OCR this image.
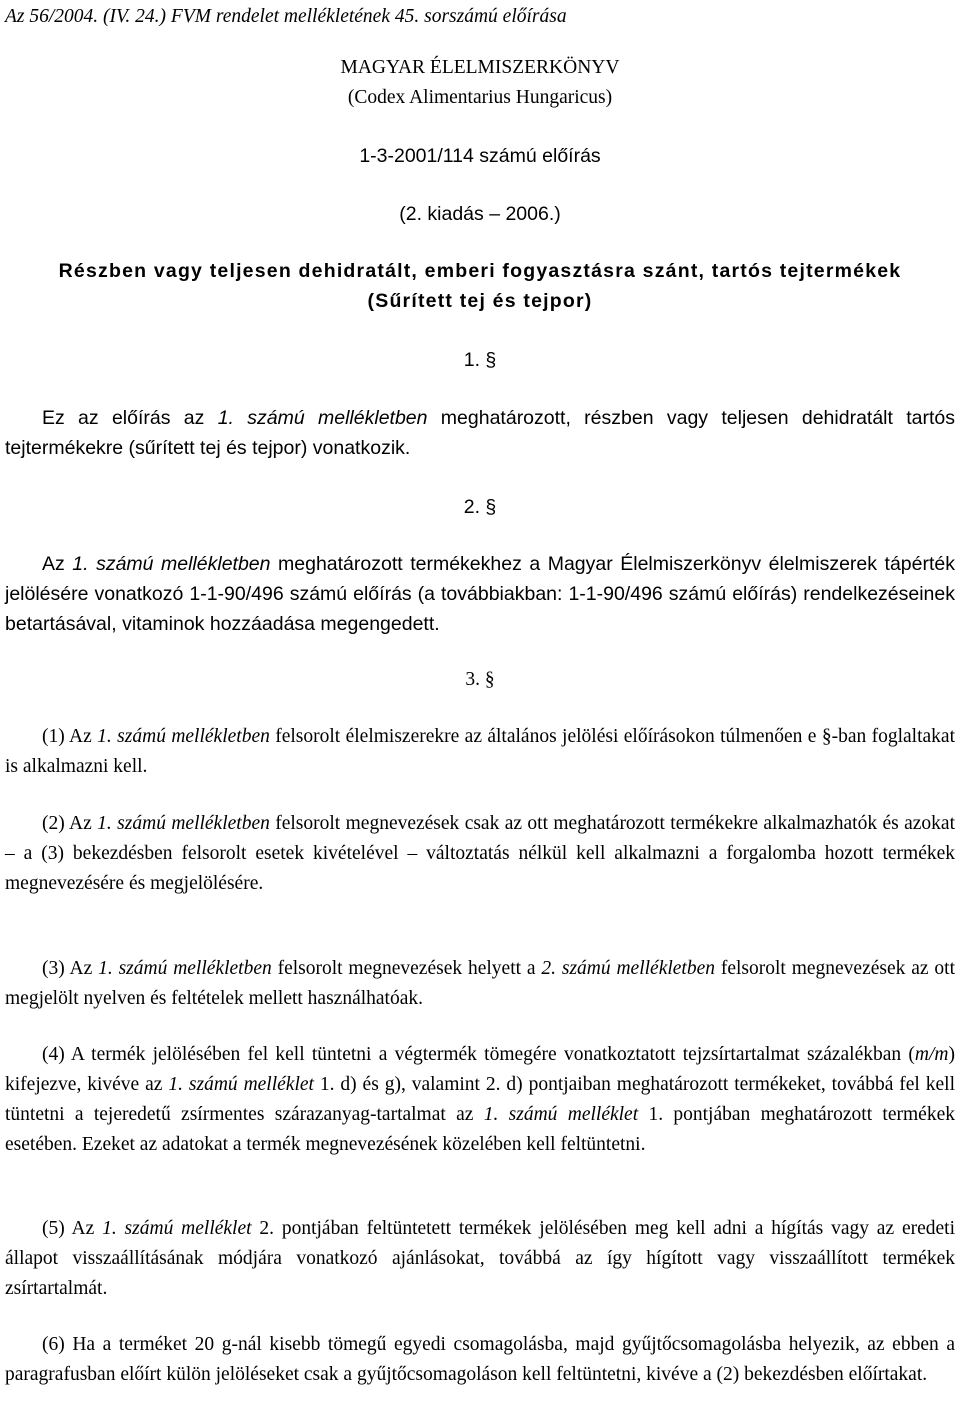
Az 56/2004. (IV. 24.) FVM rendelet mellékletének 45. sorszámú előírása
MAGYAR ÉLELMISZERKÖNYV
(Codex Alimentarius Hungaricus)
1-3-2001/114 számú előírás
(2. kiadás – 2006.)
Részben vagy teljesen dehidratált, emberi fogyasztásra szánt, tartós tejtermékek
(Sűrített tej és tejpor)
1. §
Ez az előírás az 1. számú mellékletben meghatározott, részben vagy teljesen dehidratált tartós tejtermékekre (sűrített tej és tejpor) vonatkozik.
2. §
Az 1. számú mellékletben meghatározott termékekhez a Magyar Élelmiszerkönyv élelmiszerek tápérték jelölésére vonatkozó 1-1-90/496 számú előírás (a továbbiakban: 1-1-90/496 számú előírás) rendelkezéseinek betartásával, vitaminok hozzáadása megengedett.
3. §
(1) Az 1. számú mellékletben felsorolt élelmiszerekre az általános jelölési előírásokon túlmenően e §-ban foglaltakat is alkalmazni kell.
(2) Az 1. számú mellékletben felsorolt megnevezések csak az ott meghatározott termékekre alkalmazhatók és azokat – a (3) bekezdésben felsorolt esetek kivételével – változtatás nélkül kell alkalmazni a forgalomba hozott termékek megnevezésére és megjelölésére.
(3) Az 1. számú mellékletben felsorolt megnevezések helyett a 2. számú mellékletben felsorolt megnevezések az ott megjelölt nyelven és feltételek mellett használhatóak.
(4) A termék jelölésében fel kell tüntetni a végtermék tömegére vonatkoztatott tejzsírtartalmat százalékban (m/m) kifejezve, kivéve az 1. számú melléklet 1. d) és g), valamint 2. d) pontjaiban meghatározott termékeket, továbbá fel kell tüntetni a tejeredetű zsírmentes szárazanyag-tartalmat az 1. számú melléklet 1. pontjában meghatározott termékek esetében. Ezeket az adatokat a termék megnevezésének közelében kell feltüntetni.
(5) Az 1. számú melléklet 2. pontjában feltüntetett termékek jelölésében meg kell adni a hígítás vagy az eredeti állapot visszaállításának módjára vonatkozó ajánlásokat, továbbá az így hígított vagy visszaállított termékek zsírtartalmát.
(6) Ha a terméket 20 g-nál kisebb tömegű egyedi csomagolásba, majd gyűjtőcsomagolásba helyezik, az ebben a paragrafusban előírt külön jelöléseket csak a gyűjtőcsomagoláson kell feltüntetni, kivéve a (2) bekezdésben előírtakat.
